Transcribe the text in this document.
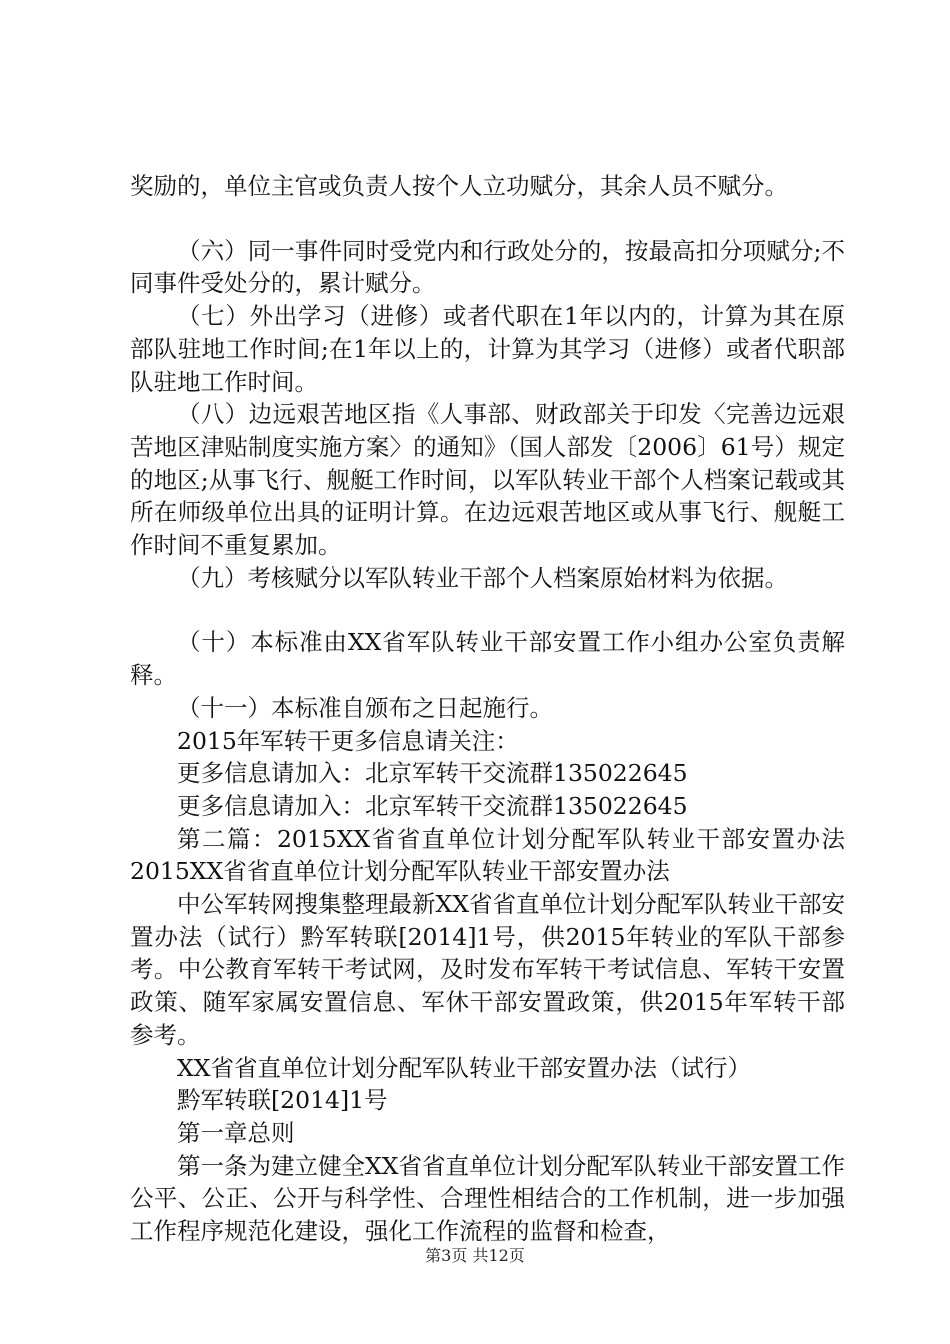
奖励的，单位主官或负责人按个人立功赋分，其余人员不赋分。

（六）同一事件同时受党内和行政处分的，按最高扣分项赋分;不同事件受处分的，累计赋分。

（七）外出学习（进修）或者代职在1年以内的，计算为其在原部队驻地工作时间;在1年以上的，计算为其学习（进修）或者代职部队驻地工作时间。

（八）边远艰苦地区指《人事部、财政部关于印发〈完善边远艰苦地区津贴制度实施方案〉的通知》（国人部发〔2006〕61号）规定的地区;从事飞行、舰艇工作时间，以军队转业干部个人档案记载或其所在师级单位出具的证明计算。在边远艰苦地区或从事飞行、舰艇工作时间不重复累加。

（九）考核赋分以军队转业干部个人档案原始材料为依据。

（十）本标准由XX省军队转业干部安置工作小组办公室负责解释。

（十一）本标准自颁布之日起施行。

2015年军转干更多信息请关注：

更多信息请加入：北京军转干交流群135022645

更多信息请加入：北京军转干交流群135022645

第二篇：2015XX省省直单位计划分配军队转业干部安置办法2015XX省省直单位计划分配军队转业干部安置办法

中公军转网搜集整理最新XX省省直单位计划分配军队转业干部安置办法（试行）黔军转联[2014]1号，供2015年转业的军队干部参考。中公教育军转干考试网，及时发布军转干考试信息、军转干安置政策、随军家属安置信息、军休干部安置政策，供2015年军转干部参考。

XX省省直单位计划分配军队转业干部安置办法（试行）

黔军转联[2014]1号

第一章总则

第一条为建立健全XX省省直单位计划分配军队转业干部安置工作公平、公正、公开与科学性、合理性相结合的工作机制，进一步加强工作程序规范化建设，强化工作流程的监督和检查，

第3页 共12页
